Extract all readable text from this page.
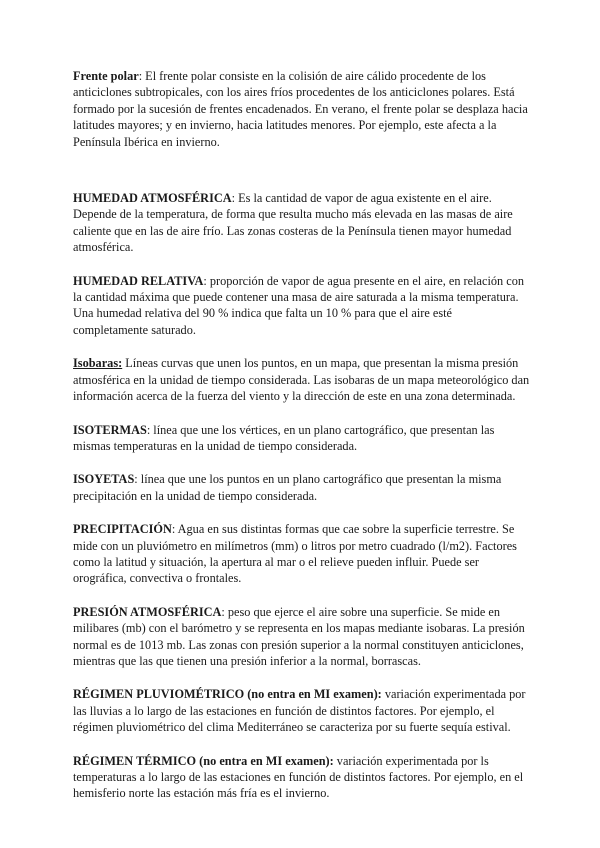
Frente polar: El frente polar consiste en la colisión de aire cálido procedente de los anticiclones subtropicales, con los aires fríos procedentes de los anticiclones polares. Está formado por la sucesión de frentes encadenados. En verano, el frente polar se desplaza hacia latitudes mayores; y en invierno, hacia latitudes menores. Por ejemplo, este afecta a la Península Ibérica en invierno.

HUMEDAD ATMOSFÉRICA: Es la cantidad de vapor de agua existente en el aire. Depende de la temperatura, de forma que resulta mucho más elevada en las masas de aire caliente que en las de aire frío. Las zonas costeras de la Península tienen mayor humedad atmosférica.

HUMEDAD RELATIVA: proporción de vapor de agua presente en el aire, en relación con la cantidad máxima que puede contener una masa de aire saturada a la misma temperatura. Una humedad relativa del 90 % indica que falta un 10 % para que el aire esté completamente saturado.

Isobaras: Líneas curvas que unen los puntos, en un mapa, que presentan la misma presión atmosférica en la unidad de tiempo considerada. Las isobaras de un mapa meteorológico dan información acerca de la fuerza del viento y la dirección de este en una zona determinada.

ISOTERMAS: línea que une los vértices, en un plano cartográfico, que presentan las mismas temperaturas en la unidad de tiempo considerada.

ISOYETAS: línea que une los puntos en un plano cartográfico que presentan la misma precipitación en la unidad de tiempo considerada.

PRECIPITACIÓN: Agua en sus distintas formas que cae sobre la superficie terrestre. Se mide con un pluviómetro en milímetros (mm) o litros por metro cuadrado (l/m2). Factores como la latitud y situación, la apertura al mar o el relieve pueden influir. Puede ser orográfica, convectiva o frontales.

PRESIÓN ATMOSFÉRICA: peso que ejerce el aire sobre una superficie. Se mide en milibares (mb) con el barómetro y se representa en los mapas mediante isobaras. La presión normal es de 1013 mb. Las zonas con presión superior a la normal constituyen anticiclones, mientras que las que tienen una presión inferior a la normal, borrascas.

RÉGIMEN PLUVIOMÉTRICO (no entra en MI examen): variación experimentada por las lluvias a lo largo de las estaciones en función de distintos factores. Por ejemplo, el régimen pluviométrico del clima Mediterráneo se caracteriza por su fuerte sequía estival.

RÉGIMEN TÉRMICO (no entra en MI examen): variación experimentada por ls temperaturas a lo largo de las estaciones en función de distintos factores. Por ejemplo, en el hemisferio norte las estación más fría es el invierno.
